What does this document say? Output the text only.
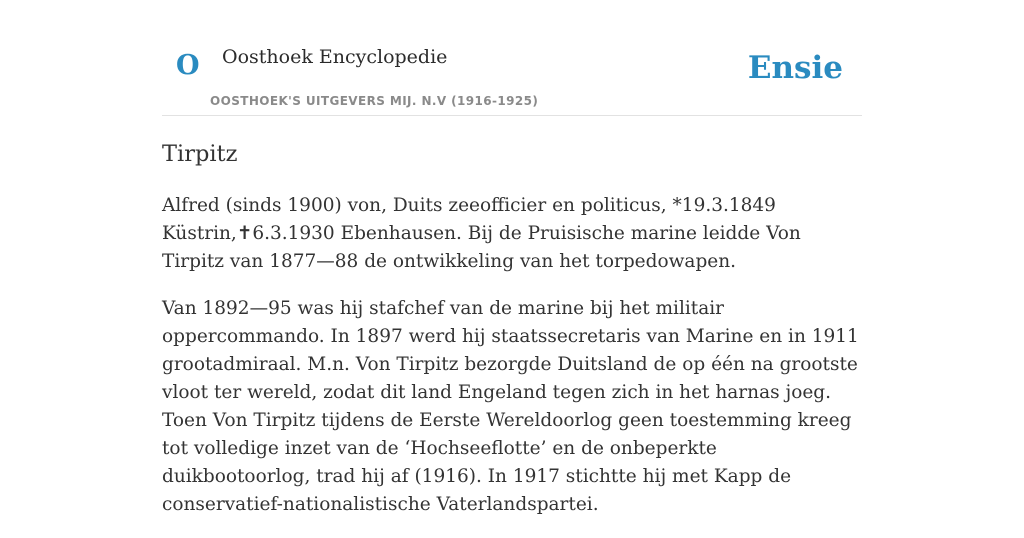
O Oosthoek Encyclopedie
OOSTHOEK'S UITGEVERS MIJ. N.V (1916-1925)
Ensie
Tirpitz

Alfred (sinds 1900) von, Duits zeeofficier en politicus, *19.3.1849 Küstrin,✝6.3.1930 Ebenhausen. Bij de Pruisische marine leidde Von Tirpitz van 1877—88 de ontwikkeling van het torpedowapen.

Van 1892—95 was hij stafchef van de marine bij het militair oppercommando. In 1897 werd hij staatssecretaris van Marine en in 1911 grootadmiraal. M.n. Von Tirpitz bezorgde Duitsland de op één na grootste vloot ter wereld, zodat dit land Engeland tegen zich in het harnas joeg. Toen Von Tirpitz tijdens de Eerste Wereldoorlog geen toestemming kreeg tot volledige inzet van de ‘Hochseeflotte’ en de onbeperkte duikbootoorlog, trad hij af (1916). In 1917 stichtte hij met Kapp de conservatief-nationalistische Vaterlandspartei.
